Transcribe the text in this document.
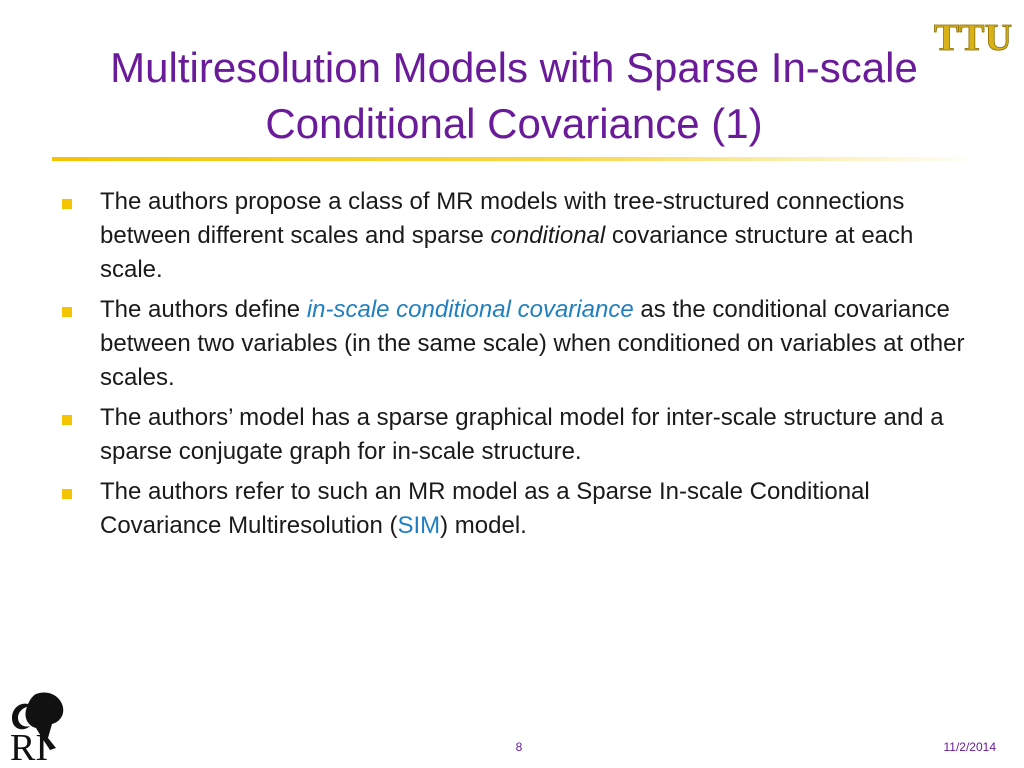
Multiresolution Models with Sparse In-scale
Conditional Covariance (1)
TTU
The authors propose a class of MR models with tree-structured connections between different scales and sparse conditional covariance structure at each scale.
The authors define in-scale conditional covariance as the conditional covariance between two variables (in the same scale) when conditioned on variables at other scales.
The authors’ model has a sparse graphical model for inter-scale structure and a sparse conjugate graph for in-scale structure.
The authors refer to such an MR model as a Sparse In-scale Conditional Covariance Multiresolution (SIM) model.
RI	8	11/2/2014
